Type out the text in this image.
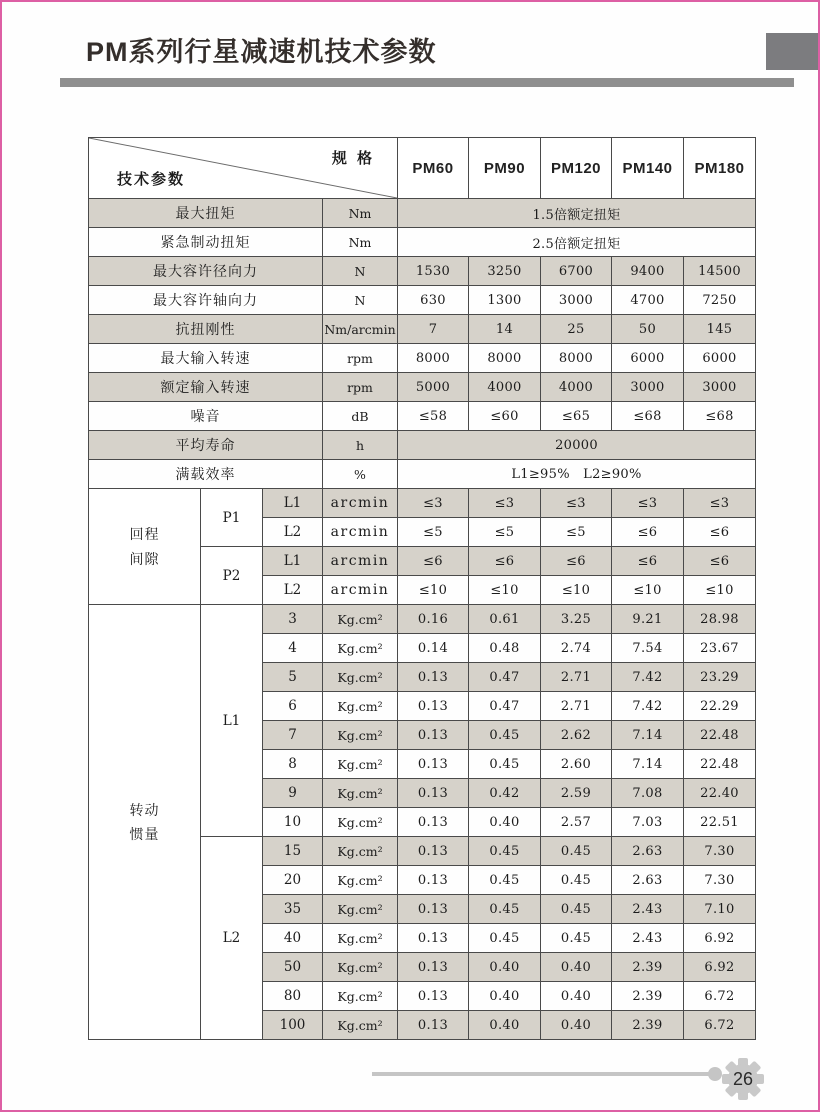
PM系列行星减速机技术参数
规 格
技术参数				PM60	PM90	PM120	PM140	PM180
最大扭矩			Nm	1.5倍额定扭矩				
紧急制动扭矩			Nm	2.5倍额定扭矩				
最大容许径向力			N	1530	3250	6700	9400	14500
最大容许轴向力			N	630	1300	3000	4700	7250
抗扭刚性			Nm/arcmin	7	14	25	50	145
最大输入转速			rpm	8000	8000	8000	6000	6000
额定输入转速			rpm	5000	4000	4000	3000	3000
噪音			dB	≤58	≤60	≤65	≤68	≤68
平均寿命			h	20000				
满载效率			%	L1≥95%   L2≥90%				

回程
间隙	P1	L1	arcmin	≤3	≤3	≤3	≤3	≤3
		L2	arcmin	≤5	≤5	≤5	≤6	≤6
	P2	L1	arcmin	≤6	≤6	≤6	≤6	≤6
		L2	arcmin	≤10	≤10	≤10	≤10	≤10

转动
惯量	L1	3	Kg.cm²	0.16	0.61	3.25	9.21	28.98
		4	Kg.cm²	0.14	0.48	2.74	7.54	23.67
		5	Kg.cm²	0.13	0.47	2.71	7.42	23.29
		6	Kg.cm²	0.13	0.47	2.71	7.42	22.29
		7	Kg.cm²	0.13	0.45	2.62	7.14	22.48
		8	Kg.cm²	0.13	0.45	2.60	7.14	22.48
		9	Kg.cm²	0.13	0.42	2.59	7.08	22.40
		10	Kg.cm²	0.13	0.40	2.57	7.03	22.51
	L2	15	Kg.cm²	0.13	0.45	0.45	2.63	7.30
		20	Kg.cm²	0.13	0.45	0.45	2.63	7.30
		35	Kg.cm²	0.13	0.45	0.45	2.43	7.10
		40	Kg.cm²	0.13	0.45	0.45	2.43	6.92
		50	Kg.cm²	0.13	0.40	0.40	2.39	6.92
		80	Kg.cm²	0.13	0.40	0.40	2.39	6.72
		100	Kg.cm²	0.13	0.40	0.40	2.39	6.72
26
